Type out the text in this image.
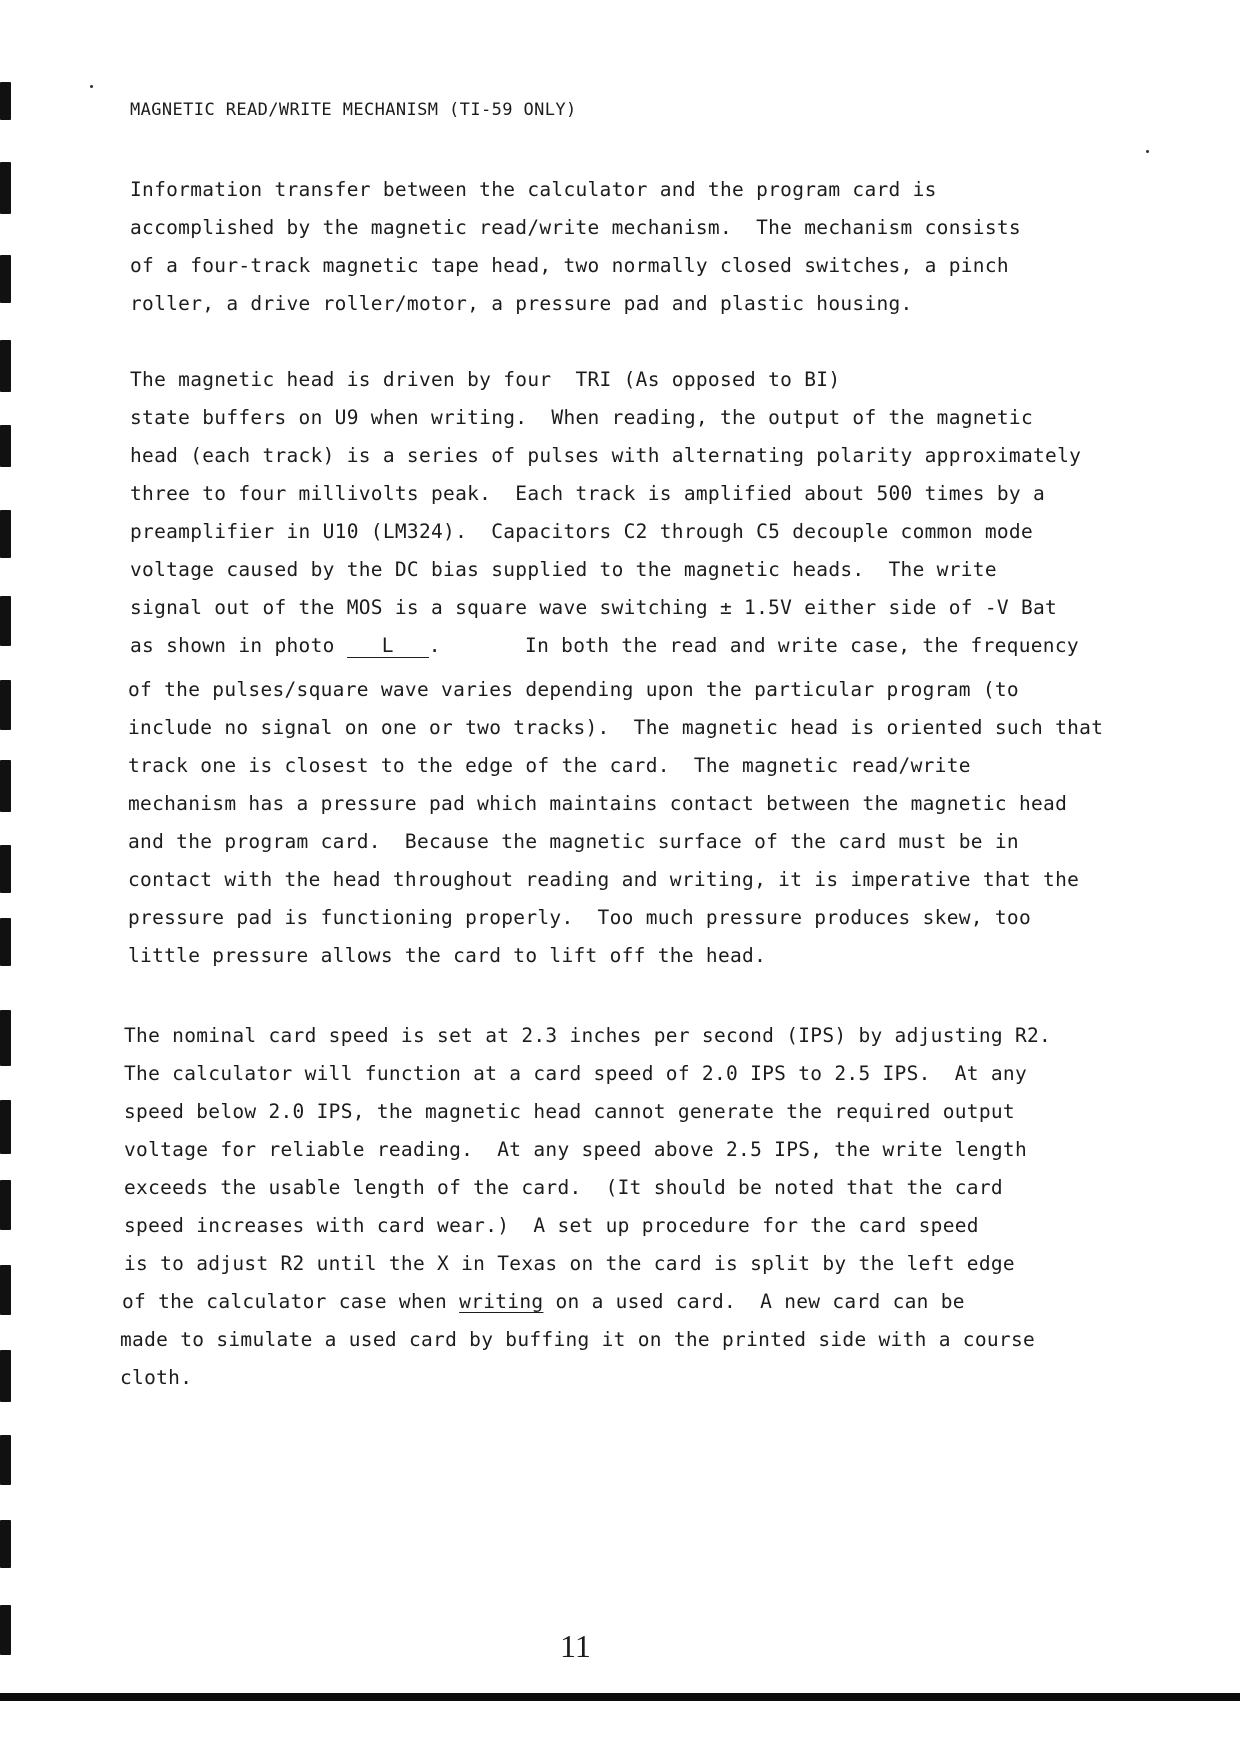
MAGNETIC READ/WRITE MECHANISM (TI-59 ONLY)
Information transfer between the calculator and the program card is
accomplished by the magnetic read/write mechanism.  The mechanism consists
of a four-track magnetic tape head, two normally closed switches, a pinch
roller, a drive roller/motor, a pressure pad and plastic housing.
The magnetic head is driven by four  TRI (As opposed to BI)
state buffers on U9 when writing.  When reading, the output of the magnetic
head (each track) is a series of pulses with alternating polarity approximately
three to four millivolts peak.  Each track is amplified about 500 times by a
preamplifier in U10 (LM324).  Capacitors C2 through C5 decouple common mode
voltage caused by the DC bias supplied to the magnetic heads.  The write
signal out of the MOS is a square wave switching ± 1.5V either side of -V Bat
as shown in photo L .       In both the read and write case, the frequency
of the pulses/square wave varies depending upon the particular program (to
include no signal on one or two tracks).  The magnetic head is oriented such that
track one is closest to the edge of the card.  The magnetic read/write
mechanism has a pressure pad which maintains contact between the magnetic head
and the program card.  Because the magnetic surface of the card must be in
contact with the head throughout reading and writing, it is imperative that the
pressure pad is functioning properly.  Too much pressure produces skew, too
little pressure allows the card to lift off the head.
The nominal card speed is set at 2.3 inches per second (IPS) by adjusting R2.
The calculator will function at a card speed of 2.0 IPS to 2.5 IPS.  At any
speed below 2.0 IPS, the magnetic head cannot generate the required output
voltage for reliable reading.  At any speed above 2.5 IPS, the write length
exceeds the usable length of the card.  (It should be noted that the card
speed increases with card wear.)  A set up procedure for the card speed
is to adjust R2 until the X in Texas on the card is split by the left edge
of the calculator case when writing on a used card.  A new card can be
made to simulate a used card by buffing it on the printed side with a course
cloth.
11
